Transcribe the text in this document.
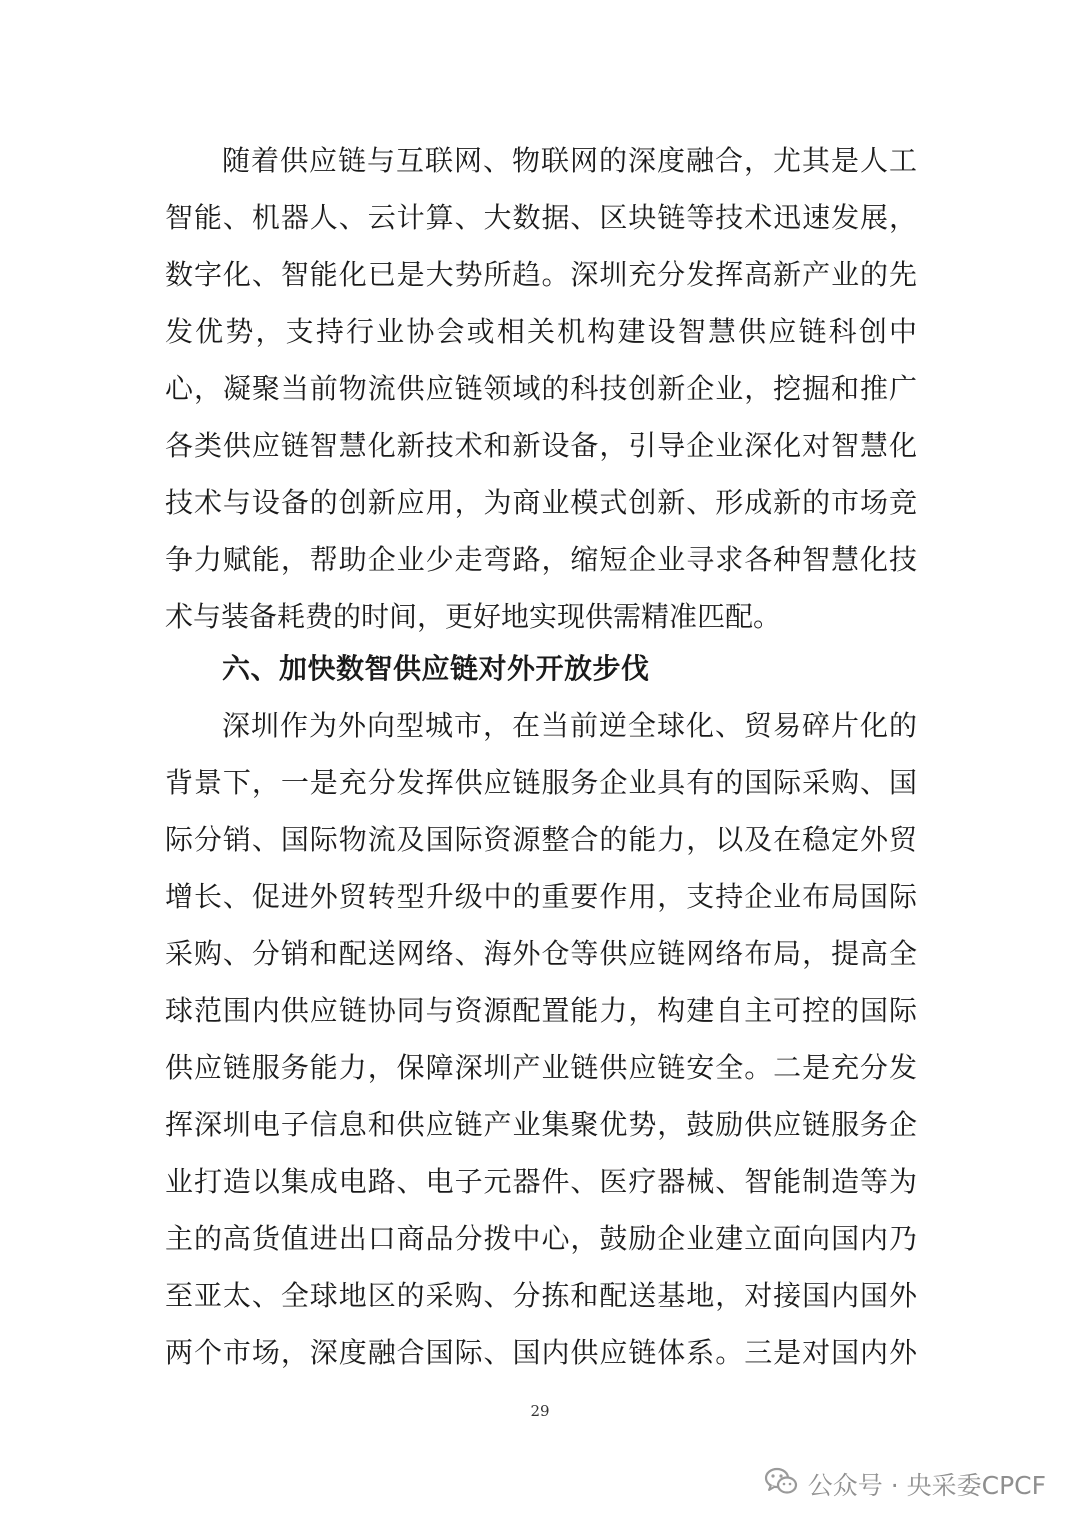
随着供应链与互联网、物联网的深度融合，尤其是人工
智能、机器人、云计算、大数据、区块链等技术迅速发展，
数字化、智能化已是大势所趋。深圳充分发挥高新产业的先
发优势，支持行业协会或相关机构建设智慧供应链科创中
心，凝聚当前物流供应链领域的科技创新企业，挖掘和推广
各类供应链智慧化新技术和新设备，引导企业深化对智慧化
技术与设备的创新应用，为商业模式创新、形成新的市场竞
争力赋能，帮助企业少走弯路，缩短企业寻求各种智慧化技
术与装备耗费的时间，更好地实现供需精准匹配。
六、加快数智供应链对外开放步伐
深圳作为外向型城市，在当前逆全球化、贸易碎片化的
背景下，一是充分发挥供应链服务企业具有的国际采购、国
际分销、国际物流及国际资源整合的能力，以及在稳定外贸
增长、促进外贸转型升级中的重要作用，支持企业布局国际
采购、分销和配送网络、海外仓等供应链网络布局，提高全
球范围内供应链协同与资源配置能力，构建自主可控的国际
供应链服务能力，保障深圳产业链供应链安全。二是充分发
挥深圳电子信息和供应链产业集聚优势，鼓励供应链服务企
业打造以集成电路、电子元器件、医疗器械、智能制造等为
主的高货值进出口商品分拨中心，鼓励企业建立面向国内乃
至亚太、全球地区的采购、分拣和配送基地，对接国内国外
两个市场，深度融合国际、国内供应链体系。三是对国内外
29
公众号 · 央采委CPCF
